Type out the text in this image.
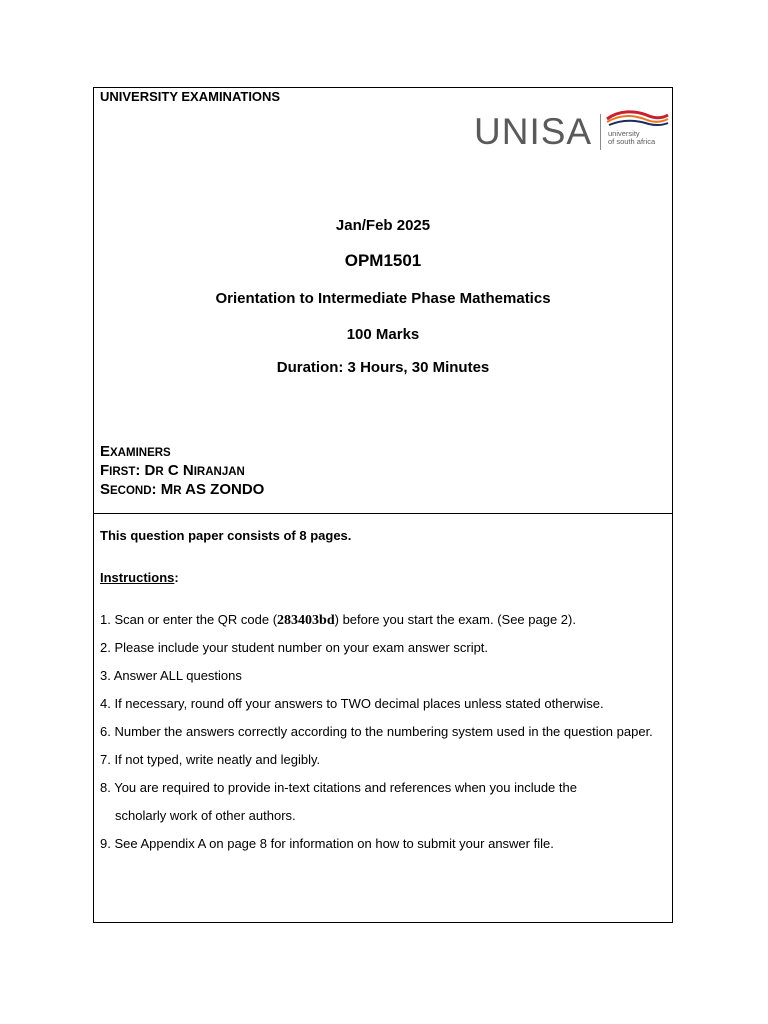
UNIVERSITY EXAMINATIONS
UNISA university
of south africa
Jan/Feb 2025
OPM1501
Orientation to Intermediate Phase Mathematics
100 Marks
Duration: 3 Hours, 30 Minutes
EXAMINERS
FIRST: DR C NIRANJAN
SECOND: MR AS ZONDO
This question paper consists of 8 pages.
Instructions:
1. Scan or enter the QR code (283403bd) before you start the exam. (See page 2).
2. Please include your student number on your exam answer script.
3. Answer ALL questions
4. If necessary, round off your answers to TWO decimal places unless stated otherwise.
6. Number the answers correctly according to the numbering system used in the question paper.
7. If not typed, write neatly and legibly.
8. You are required to provide in-text citations and references when you include the
scholarly work of other authors.
9. See Appendix A on page 8 for information on how to submit your answer file.
